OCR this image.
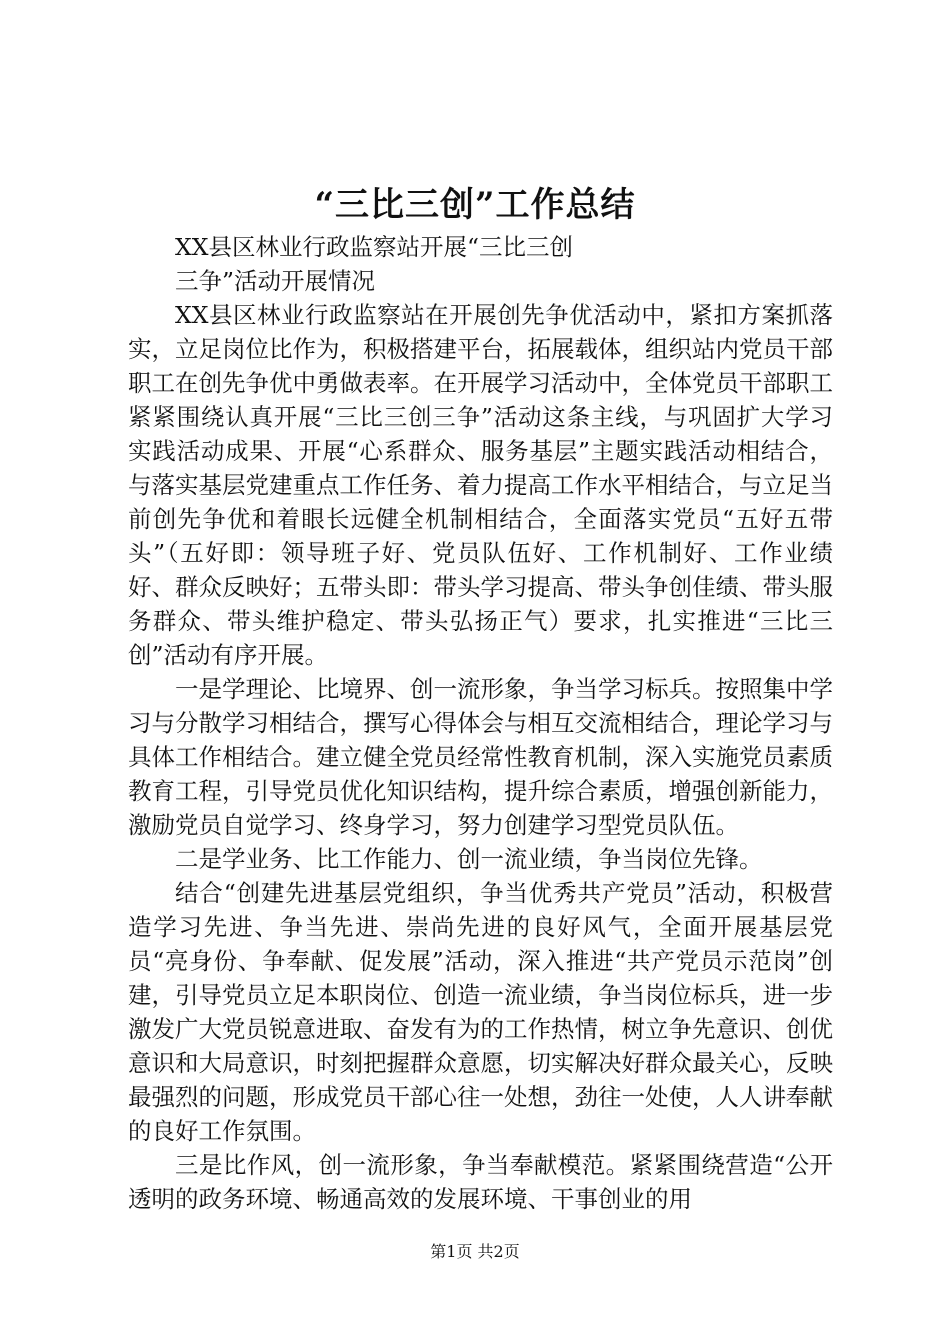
“三比三创”工作总结

XX县区林业行政监察站开展“三比三创

三争”活动开展情况

XX县区林业行政监察站在开展创先争优活动中，紧扣方案抓落实，立足岗位比作为，积极搭建平台，拓展载体，组织站内党员干部职工在创先争优中勇做表率。在开展学习活动中，全体党员干部职工紧紧围绕认真开展“三比三创三争”活动这条主线，与巩固扩大学习实践活动成果、开展“心系群众、服务基层”主题实践活动相结合，与落实基层党建重点工作任务、着力提高工作水平相结合，与立足当前创先争优和着眼长远健全机制相结合，全面落实党员“五好五带头”（五好即：领导班子好、党员队伍好、工作机制好、工作业绩好、群众反映好；五带头即：带头学习提高、带头争创佳绩、带头服务群众、带头维护稳定、带头弘扬正气）要求，扎实推进“三比三创”活动有序开展。

一是学理论、比境界、创一流形象，争当学习标兵。按照集中学习与分散学习相结合，撰写心得体会与相互交流相结合，理论学习与具体工作相结合。建立健全党员经常性教育机制，深入实施党员素质教育工程，引导党员优化知识结构，提升综合素质，增强创新能力，激励党员自觉学习、终身学习，努力创建学习型党员队伍。

二是学业务、比工作能力、创一流业绩，争当岗位先锋。

结合“创建先进基层党组织，争当优秀共产党员”活动，积极营造学习先进、争当先进、崇尚先进的良好风气，全面开展基层党员“亮身份、争奉献、促发展”活动，深入推进“共产党员示范岗”创建，引导党员立足本职岗位、创造一流业绩，争当岗位标兵，进一步激发广大党员锐意进取、奋发有为的工作热情，树立争先意识、创优意识和大局意识，时刻把握群众意愿，切实解决好群众最关心，反映最强烈的问题，形成党员干部心往一处想，劲往一处使，人人讲奉献的良好工作氛围。

三是比作风，创一流形象，争当奉献模范。紧紧围绕营造“公开透明的政务环境、畅通高效的发展环境、干事创业的用

第1页 共2页
